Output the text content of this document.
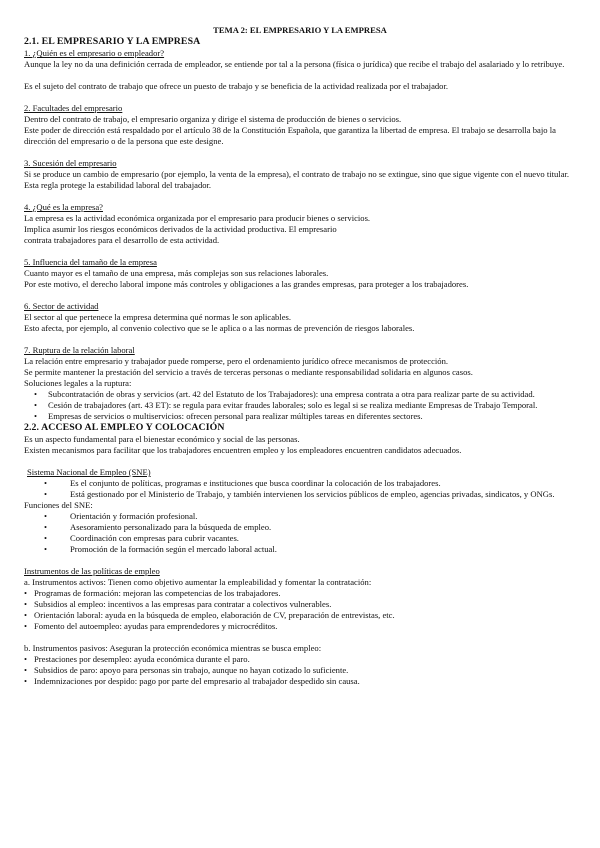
TEMA 2: EL EMPRESARIO Y LA EMPRESA
2.1. EL EMPRESARIO Y LA EMPRESA

1. ¿Quién es el empresario o empleador?

Aunque la ley no da una definición cerrada de empleador, se entiende por tal a la persona (física o jurídica) que recibe el trabajo del asalariado y lo retribuye.

Es el sujeto del contrato de trabajo que ofrece un puesto de trabajo y se beneficia de la actividad realizada por el trabajador.

2. Facultades del empresario

Dentro del contrato de trabajo, el empresario organiza y dirige el sistema de producción de bienes o servicios.

Este poder de dirección está respaldado por el artículo 38 de la Constitución Española, que garantiza la libertad de empresa. El trabajo se desarrolla bajo la dirección del empresario o de la persona que este designe.

3. Sucesión del empresario

Si se produce un cambio de empresario (por ejemplo, la venta de la empresa), el contrato de trabajo no se extingue, sino que sigue vigente con el nuevo titular.

Esta regla protege la estabilidad laboral del trabajador.

4. ¿Qué es la empresa?

La empresa es la actividad económica organizada por el empresario para producir bienes o servicios.

Implica asumir los riesgos económicos derivados de la actividad productiva. El empresario

contrata trabajadores para el desarrollo de esta actividad.

5. Influencia del tamaño de la empresa

Cuanto mayor es el tamaño de una empresa, más complejas son sus relaciones laborales.

Por este motivo, el derecho laboral impone más controles y obligaciones a las grandes empresas, para proteger a los trabajadores.

6. Sector de actividad

El sector al que pertenece la empresa determina qué normas le son aplicables.

Esto afecta, por ejemplo, al convenio colectivo que se le aplica o a las normas de prevención de riesgos laborales.

7. Ruptura de la relación laboral

La relación entre empresario y trabajador puede romperse, pero el ordenamiento jurídico ofrece mecanismos de protección.

Se permite mantener la prestación del servicio a través de terceras personas o mediante responsabilidad solidaria en algunos casos.

Soluciones legales a la ruptura:

• Subcontratación de obras y servicios (art. 42 del Estatuto de los Trabajadores): una empresa contrata a otra para realizar parte de su actividad.
• Cesión de trabajadores (art. 43 ET): se regula para evitar fraudes laborales; solo es legal si se realiza mediante Empresas de Trabajo Temporal.
• Empresas de servicios o multiservicios: ofrecen personal para realizar múltiples tareas en diferentes sectores.
2.2. ACCESO AL EMPLEO Y COLOCACIÓN

Es un aspecto fundamental para el bienestar económico y social de las personas.

Existen mecanismos para facilitar que los trabajadores encuentren empleo y los empleadores encuentren candidatos adecuados.

Sistema Nacional de Empleo (SNE)

• Es el conjunto de políticas, programas e instituciones que busca coordinar la colocación de los trabajadores.
• Está gestionado por el Ministerio de Trabajo, y también intervienen los servicios públicos de empleo, agencias privadas, sindicatos, y ONGs.

Funciones del SNE:

• Orientación y formación profesional.
• Asesoramiento personalizado para la búsqueda de empleo.
• Coordinación con empresas para cubrir vacantes.
• Promoción de la formación según el mercado laboral actual.

Instrumentos de las políticas de empleo

a. Instrumentos activos: Tienen como objetivo aumentar la empleabilidad y fomentar la contratación:

• Programas de formación: mejoran las competencias de los trabajadores.
• Subsidios al empleo: incentivos a las empresas para contratar a colectivos vulnerables.
• Orientación laboral: ayuda en la búsqueda de empleo, elaboración de CV, preparación de entrevistas, etc.
• Fomento del autoempleo: ayudas para emprendedores y microcréditos.

b. Instrumentos pasivos: Aseguran la protección económica mientras se busca empleo:

• Prestaciones por desempleo: ayuda económica durante el paro.
• Subsidios de paro: apoyo para personas sin trabajo, aunque no hayan cotizado lo suficiente.
• Indemnizaciones por despido: pago por parte del empresario al trabajador despedido sin causa.
